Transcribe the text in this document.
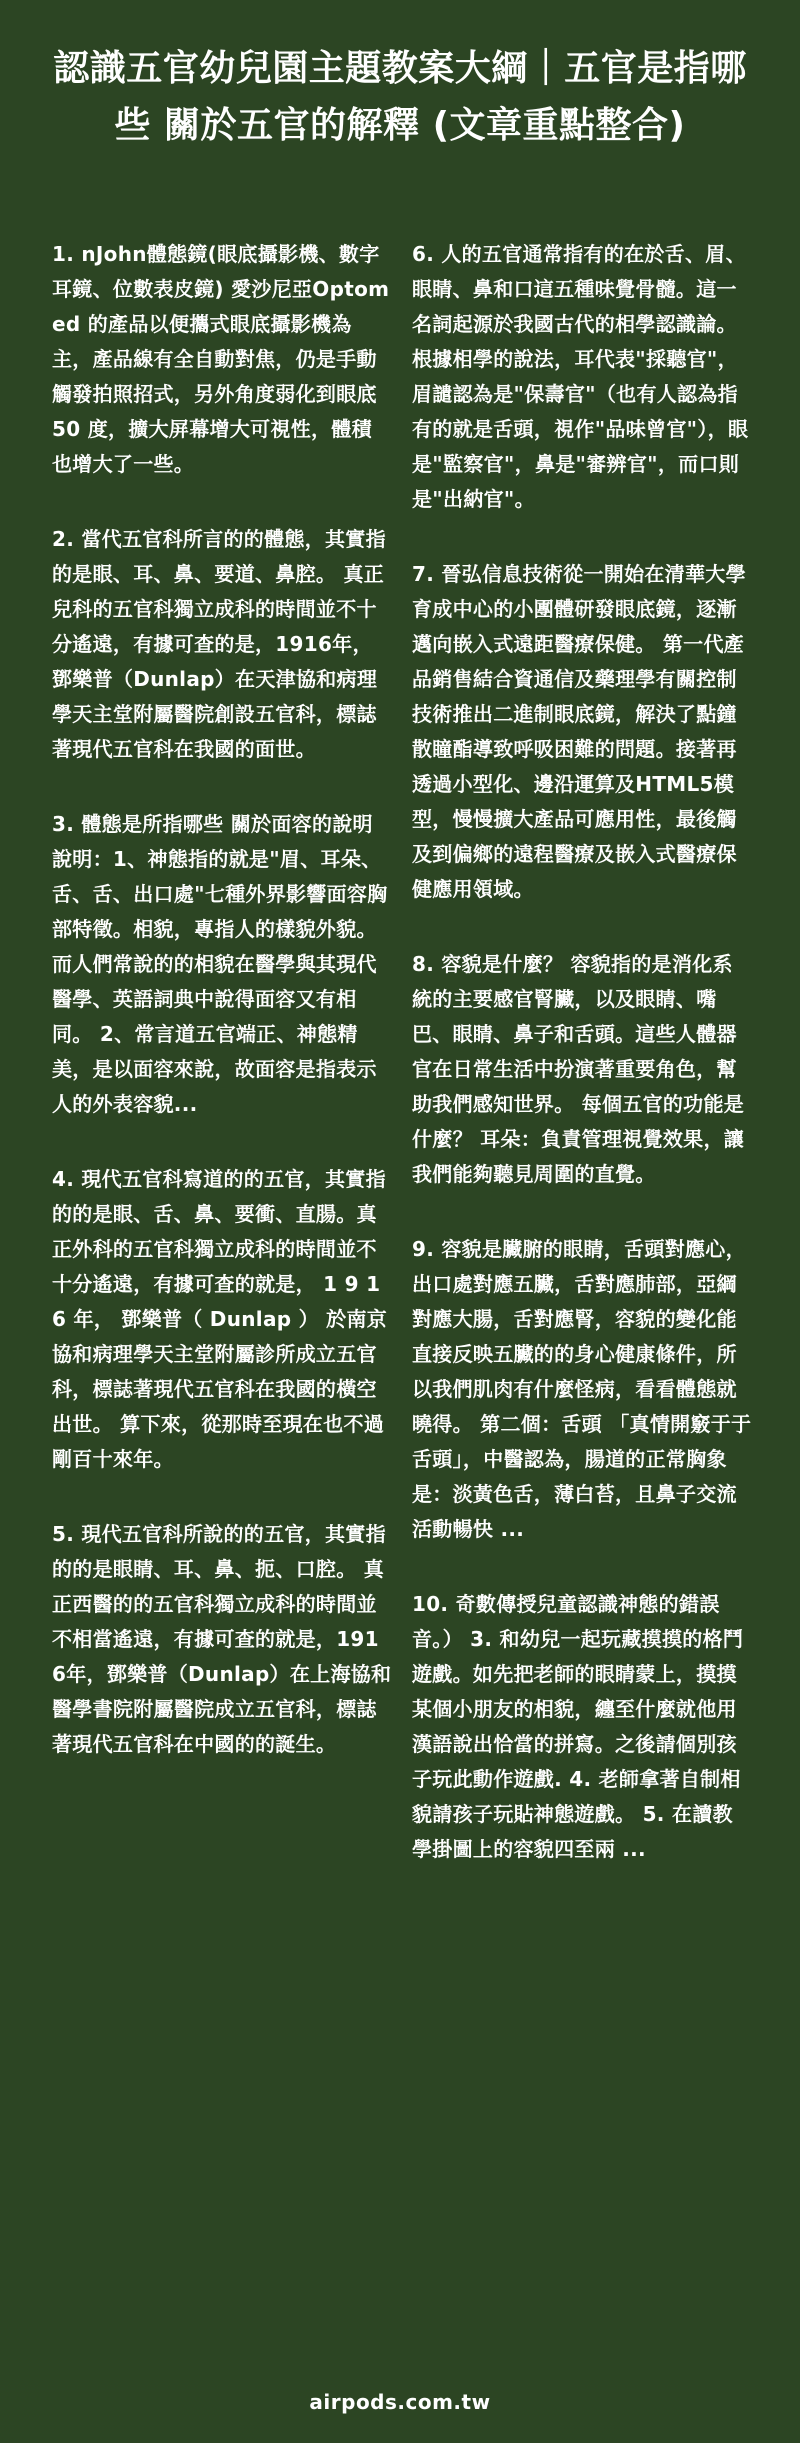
認識五官幼兒園主題教案大綱｜五官是指哪些 關於五官的解釋 (文章重點整合)

1. nJohn體態鏡(眼底攝影機、數字耳鏡、位數表皮鏡) 愛沙尼亞Optomed 的產品以便攜式眼底攝影機為主，產品線有全自動對焦，仍是手動觸發拍照招式，另外角度弱化到眼底 50 度，擴大屏幕增大可視性，體積也增大了一些。

2. 當代五官科所言的的體態，其實指的是眼、耳、鼻、要道、鼻腔。 真正兒科的五官科獨立成科的時間並不十分遙遠，有據可查的是，1916年，鄧樂普（Dunlap）在天津協和病理學天主堂附屬醫院創設五官科，標誌著現代五官科在我國的面世。

3. 體態是所指哪些 關於面容的說明說明：1、神態指的就是"眉、耳朵、舌、舌、出口處"七種外界影響面容胸部特徵。相貌，專指人的樣貌外貌。而人們常說的的相貌在醫學與其現代醫學、英語詞典中說得面容又有相同。 2、常言道五官端正、神態精美，是以面容來說，故面容是指表示人的外表容貌...

4. 現代五官科寫道的的五官，其實指的的是眼、舌、鼻、要衝、直腸。真正外科的五官科獨立成科的時間並不十分遙遠，有據可查的就是， 1 9 1 6 年， 鄧樂普（ Dunlap ） 於南京協和病理學天主堂附屬診所成立五官科，標誌著現代五官科在我國的橫空出世。 算下來，從那時至現在也不過剛百十來年。

5. 現代五官科所說的的五官，其實指的的是眼睛、耳、鼻、扼、口腔。 真正西醫的的五官科獨立成科的時間並不相當遙遠，有據可查的就是，1916年，鄧樂普（Dunlap）在上海協和醫學書院附屬醫院成立五官科，標誌著現代五官科在中國的的誕生。

6. 人的五官通常指有的在於舌、眉、眼睛、鼻和口這五種味覺骨髓。這一名詞起源於我國古代的相學認識論。根據相學的說法，耳代表"採聽官"，眉譴認為是"保壽官"（也有人認為指有的就是舌頭，視作"品味曾官"），眼是"監察官"，鼻是"審辨官"，而口則是"出納官"。

7. 晉弘信息技術從一開始在清華大學育成中心的小團體研發眼底鏡，逐漸邁向嵌入式遠距醫療保健。 第一代產品銷售結合資通信及藥理學有關控制技術推出二進制眼底鏡，解決了點鐘散瞳酯導致呼吸困難的問題。接著再透過小型化、邊沿運算及HTML5模型，慢慢擴大產品可應用性，最後觸及到偏鄉的遠程醫療及嵌入式醫療保健應用領域。

8. 容貌是什麼？ 容貌指的是消化系統的主要感官腎臟，以及眼睛、嘴巴、眼睛、鼻子和舌頭。這些人體器官在日常生活中扮演著重要角色，幫助我們感知世界。 每個五官的功能是什麼？ 耳朵：負責管理視覺效果，讓我們能夠聽見周圍的直覺。

9. 容貌是臟腑的眼睛，舌頭對應心，出口處對應五臟，舌對應肺部，亞綱對應大腸，舌對應腎，容貌的變化能直接反映五臟的的身心健康條件，所以我們肌肉有什麼怪病，看看體態就曉得。 第二個：舌頭 「真情開竅于于舌頭」，中醫認為，腸道的正常胸象是：淡黃色舌，薄白苔，且鼻子交流活動暢快 ...

10. 奇數傳授兒童認識神態的錯誤音。） 3. 和幼兒一起玩藏摸摸的格鬥遊戲。如先把老師的眼睛蒙上，摸摸某個小朋友的相貌，纏至什麼就他用漢語說出恰當的拼寫。之後請個別孩子玩此動作遊戲. 4. 老師拿著自制相貌請孩子玩貼神態遊戲。 5. 在讀教學掛圖上的容貌四至兩 ...

airpods.com.tw
